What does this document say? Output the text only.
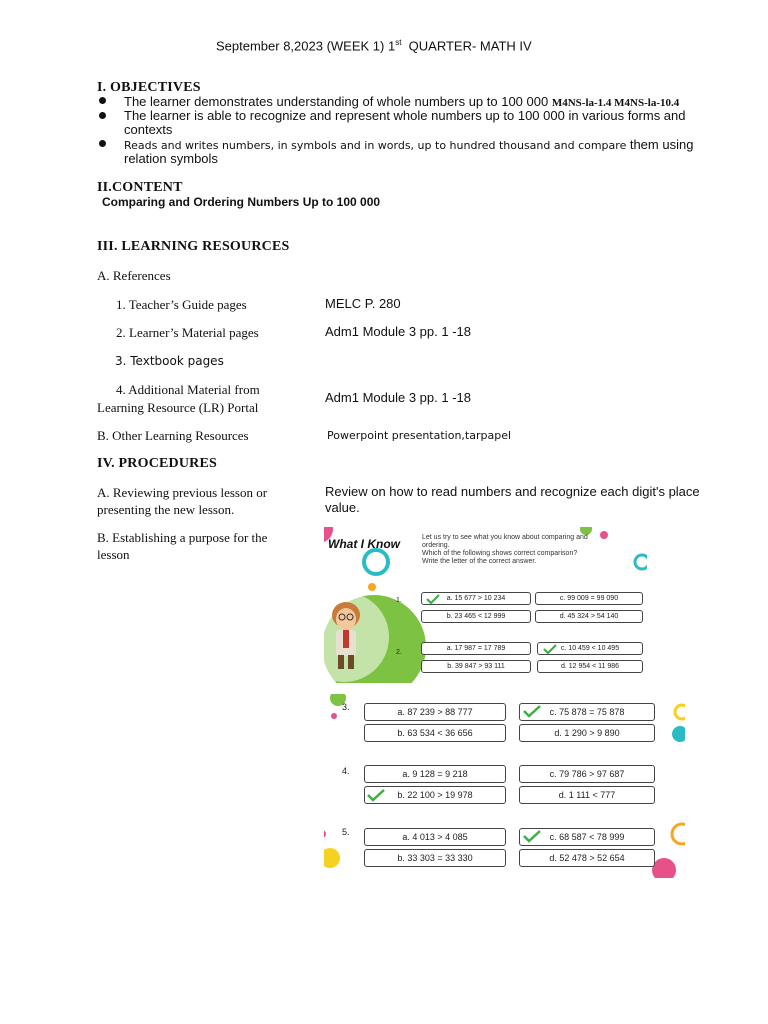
September 8,2023 (WEEK 1) 1st  QUARTER- MATH IV
I. OBJECTIVES
The learner demonstrates understanding of whole numbers up to 100 000 M4NS-la-1.4 M4NS-la-10.4
The learner is able to recognize and represent whole numbers up to 100 000 in various forms and
contexts
Reads and writes numbers, in symbols and in words, up to hundred thousand and compare them using
relation symbols
II.CONTENT
Comparing and Ordering Numbers Up to 100 000
III. LEARNING RESOURCES
A. References
1. Teacher’s Guide pages	MELC P. 280
2. Learner’s Material pages	Adm1 Module 3 pp. 1 -18
3. Textbook pages
4. Additional Material from
Learning Resource (LR) Portal
Adm1 Module 3 pp. 1 -18
B. Other Learning Resources	Powerpoint presentation,tarpapel
IV. PROCEDURES
A. Reviewing previous lesson or
presenting the new lesson.
Review on how to read numbers and recognize each digit's place
value.
B. Establishing a purpose for the
lesson
What I Know	Let us try to see what you know about comparing and
ordering.
Which of the following shows correct comparison?
Write the letter of the correct answer.
1.	a. 15 677 > 10 234	c. 99 009 = 99 090
b. 23 465 < 12 999	d. 45 324 > 54 140
2.
a. 17 987 = 17 789	c. 10 459 < 10 495
b. 39 847 > 93 111	d. 12 954 < 11 986
3.	a. 87 239 > 88 777	c. 75 878 = 75 878
b. 63 534 < 36 656	d. 1 290 > 9 890
4.	a. 9 128 = 9 218	c. 79 786 > 97 687
b. 22 100 > 19 978	d. 1 111 < 777
5.	a. 4 013 > 4 085	c. 68 587 < 78 999
b. 33 303 = 33 330	d. 52 478 > 52 654
